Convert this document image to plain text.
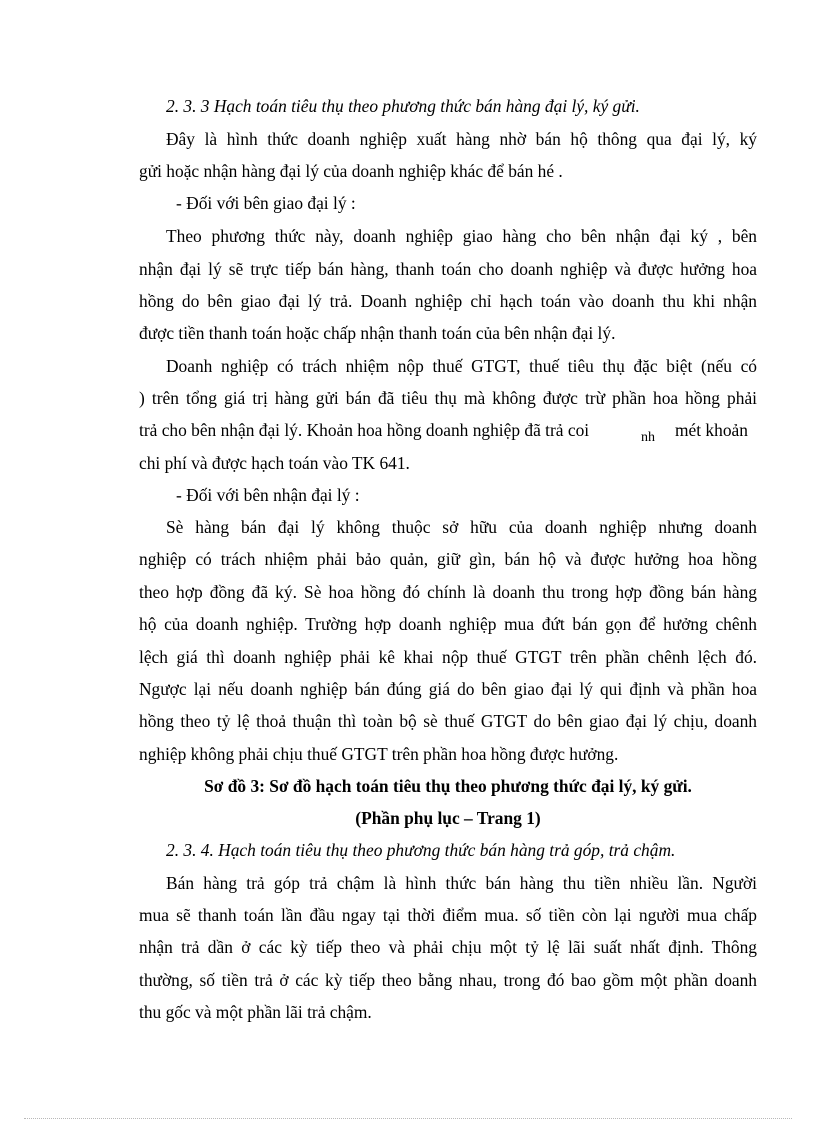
2. 3. 3 Hạch toán tiêu thụ theo phương thức bán hàng đại lý, ký gửi.
Đây là hình thức doanh nghiệp xuất hàng nhờ bán hộ thông qua đại lý, ký
gửi hoặc nhận hàng đại lý của doanh nghiệp khác để bán hé .
- Đối với bên giao đại lý :
Theo phương thức này, doanh nghiệp giao hàng cho bên nhận đại ký , bên
nhận đại lý sẽ trực tiếp bán hàng, thanh toán cho doanh nghiệp và được hưởng hoa
hồng do bên giao đại lý trả. Doanh nghiệp chỉ hạch toán vào doanh thu khi nhận
được tiền thanh toán hoặc chấp nhận thanh toán của bên nhận đại lý.
Doanh nghiệp có trách nhiệm nộp thuế GTGT, thuế tiêu thụ đặc biệt (nếu có
) trên tổng giá trị hàng gửi bán đã tiêu thụ mà không được trừ phần hoa hồng phải
trả cho bên nhận đại lý. Khoản hoa hồng doanh nghiệp đã trả coi	$_{nh}$ mét khoản
chi phí và được hạch toán vào TK 641.
- Đối với bên nhận đại lý :
Sè hàng bán đại lý không thuộc sở hữu của doanh nghiệp nhưng doanh
nghiệp có trách nhiệm phải bảo quản, giữ gìn, bán hộ và được hưởng hoa hồng
theo hợp đồng đã ký. Sè hoa hồng đó chính là doanh thu trong hợp đồng bán hàng
hộ của doanh nghiệp. Trường hợp doanh nghiệp mua đứt bán gọn để hưởng chênh
lệch giá thì doanh nghiệp phải kê khai nộp thuế GTGT trên phần chênh lệch đó.
Ngược lại nếu doanh nghiệp bán đúng giá do bên giao đại lý qui định và phần hoa
hồng theo tỷ lệ thoả thuận thì toàn bộ sè thuế GTGT do bên giao đại lý chịu, doanh
nghiệp không phải chịu thuế GTGT trên phần hoa hồng được hưởng.
Sơ đồ 3: Sơ đồ hạch toán tiêu thụ theo phương thức đại lý, ký gửi.
(Phần phụ lục – Trang 1)
2. 3. 4. Hạch toán tiêu thụ theo phương thức bán hàng trả góp, trả chậm.
Bán hàng trả góp trả chậm là hình thức bán hàng thu tiền nhiều lần. Người
mua sẽ thanh toán lần đầu ngay tại thời điểm mua. số tiền còn lại người mua chấp
nhận trả dần ở các kỳ tiếp theo và phải chịu một tỷ lệ lãi suất nhất định. Thông
thường, số tiền trả ở các kỳ tiếp theo bằng nhau, trong đó bao gồm một phần doanh
thu gốc và một phần lãi trả chậm.
